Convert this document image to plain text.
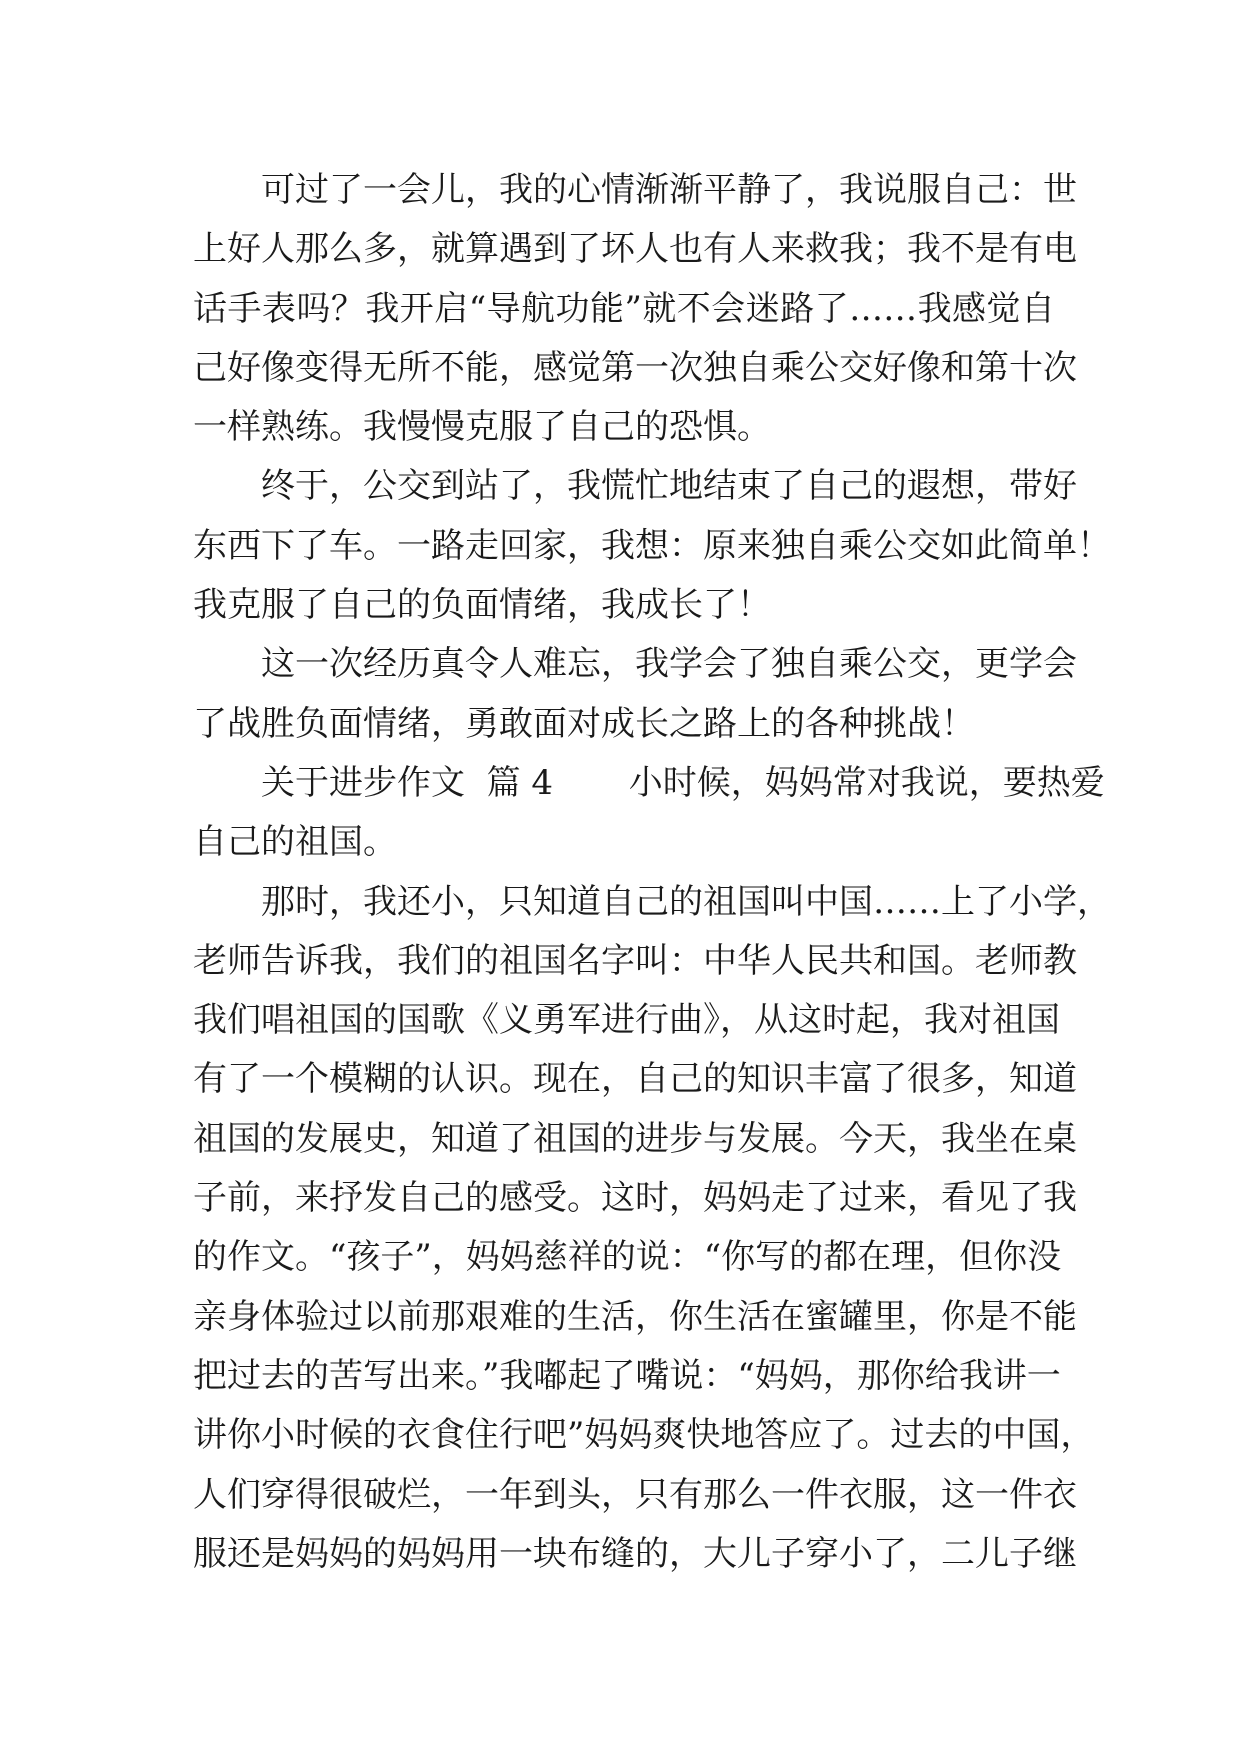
可过了一会儿，我的心情渐渐平静了，我说服自己：世
上好人那么多，就算遇到了坏人也有人来救我；我不是有电
话手表吗？我开启“导航功能”就不会迷路了……我感觉自
己好像变得无所不能，感觉第一次独自乘公交好像和第十次
一样熟练。我慢慢克服了自己的恐惧。
终于，公交到站了，我慌忙地结束了自己的遐想，带好
东西下了车。一路走回家，我想：原来独自乘公交如此简单！
我克服了自己的负面情绪，我成长了！
这一次经历真令人难忘，我学会了独自乘公交，更学会
了战胜负面情绪，勇敢面对成长之路上的各种挑战！
关于进步作文  篇 4       小时候，妈妈常对我说，要热爱
自己的祖国。
那时，我还小，只知道自己的祖国叫中国……上了小学，
老师告诉我，我们的祖国名字叫：中华人民共和国。老师教
我们唱祖国的国歌《义勇军进行曲》，从这时起，我对祖国
有了一个模糊的认识。现在，自己的知识丰富了很多，知道
祖国的发展史，知道了祖国的进步与发展。今天，我坐在桌
子前，来抒发自己的感受。这时，妈妈走了过来，看见了我
的作文。“孩子”，妈妈慈祥的说：“你写的都在理，但你没
亲身体验过以前那艰难的生活，你生活在蜜罐里，你是不能
把过去的苦写出来。”我嘟起了嘴说：“妈妈，那你给我讲一
讲你小时候的衣食住行吧”妈妈爽快地答应了。过去的中国，
人们穿得很破烂，一年到头，只有那么一件衣服，这一件衣
服还是妈妈的妈妈用一块布缝的，大儿子穿小了，二儿子继
